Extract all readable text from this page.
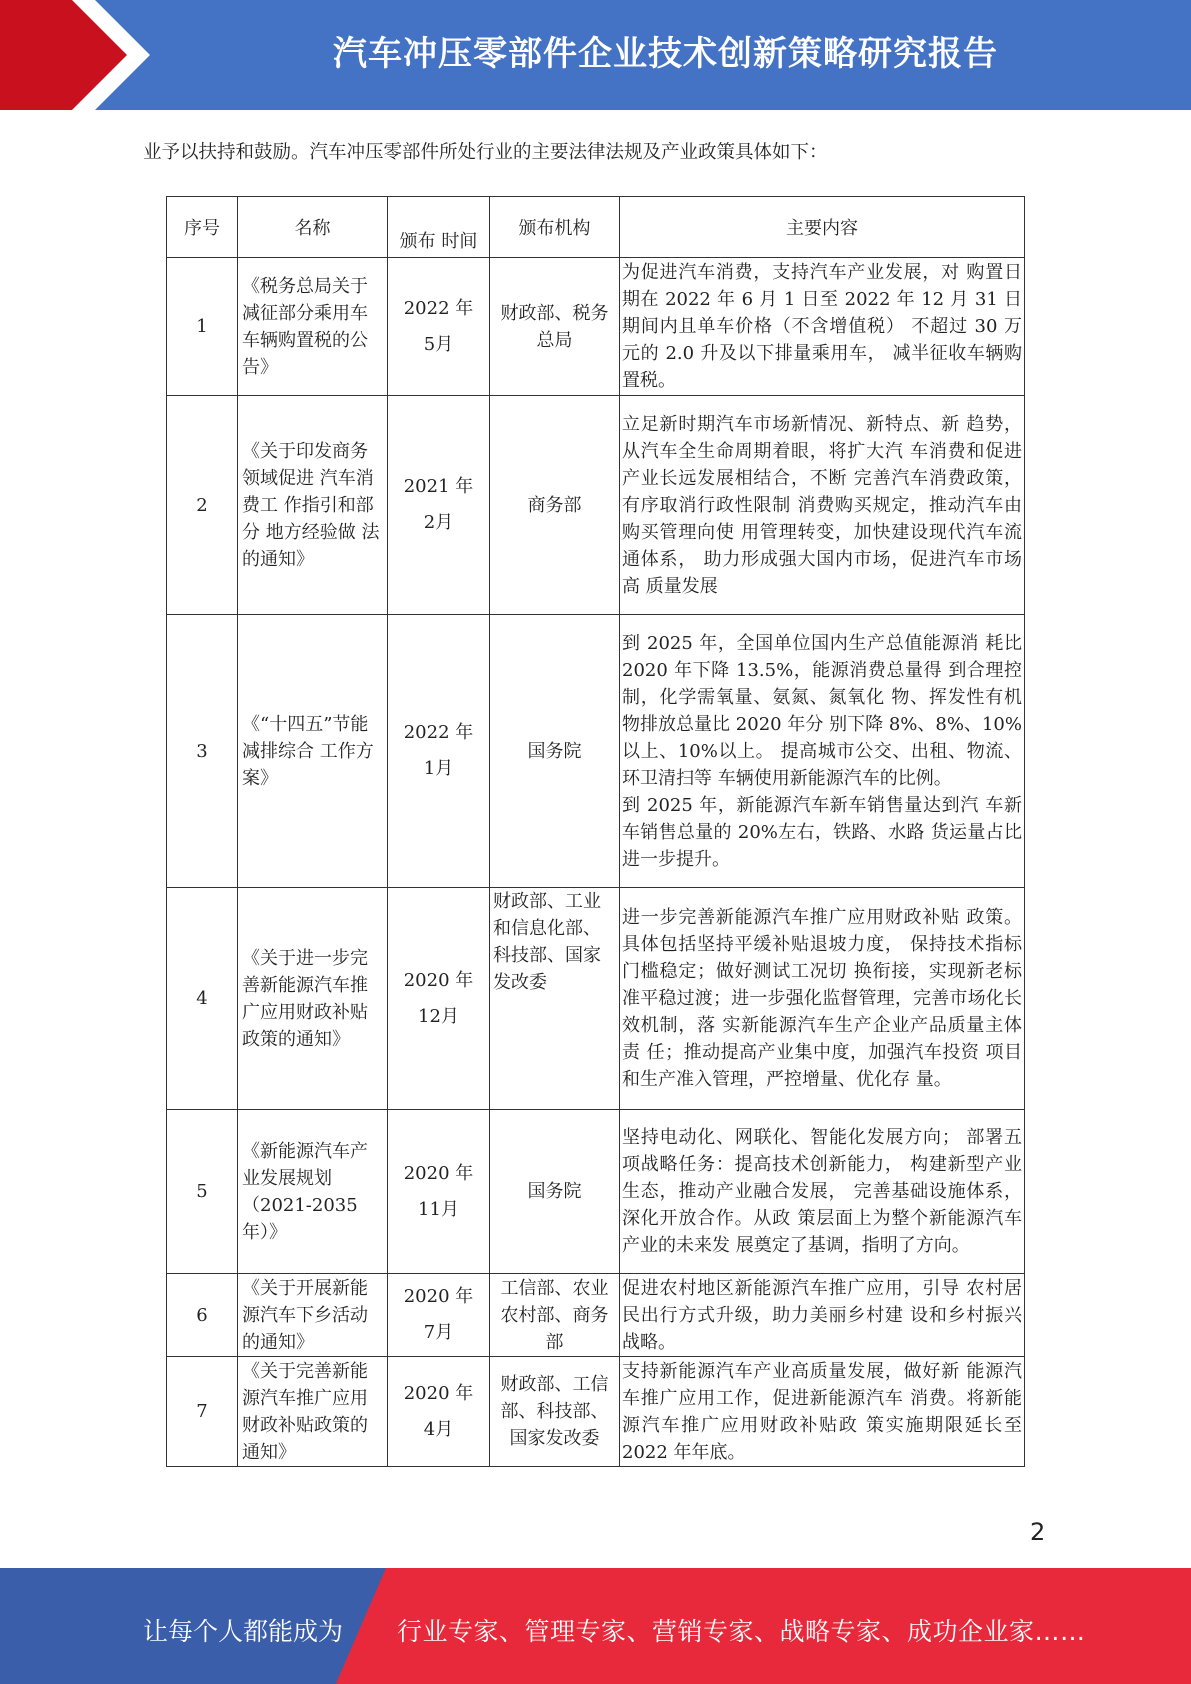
汽车冲压零部件企业技术创新策略研究报告
业予以扶持和鼓励。汽车冲压零部件所处行业的主要法律法规及产业政策具体如下：
序号	名称	颁布 时间	颁布机构	主要内容
1	《税务总局关于减征部分乘用车车辆购置税的公告》	2022 年 5月	财政部、税务总局	为促进汽车消费，支持汽车产业发展，对 购置日期在 2022 年 6 月 1 日至 2022 年 12 月 31 日期间内且单车价格（不含增值税） 不超过 30 万元的 2.0 升及以下排量乘用车， 减半征收车辆购置税。
2	《关于印发商务领域促进 汽车消费工 作指引和部分 地方经验做 法的通知》	2021 年 2月	商务部	立足新时期汽车市场新情况、新特点、新 趋势，从汽车全生命周期着眼，将扩大汽 车消费和促进产业长远发展相结合，不断 完善汽车消费政策，有序取消行政性限制 消费购买规定，推动汽车由购买管理向使 用管理转变，加快建设现代汽车流通体系， 助力形成强大国内市场，促进汽车市场高 质量发展
3	《“十四五”节能减排综合 工作方案》	2022 年 1月	国务院	到 2025 年，全国单位国内生产总值能源消 耗比 2020 年下降 13.5%，能源消费总量得 到合理控制，化学需氧量、氨氮、氮氧化 物、挥发性有机物排放总量比 2020 年分 别下降 8%、8%、10%以上、10%以上。 提高城市公交、出租、物流、环卫清扫等 车辆使用新能源汽车的比例。
到 2025 年，新能源汽车新车销售量达到汽 车新车销售总量的 20%左右，铁路、水路 货运量占比进一步提升。

4	《关于进一步完善新能源汽车推广应用财政补贴政策的通知》	2020 年 12月	财政部、工业和信息化部、科技部、国家发改委	进一步完善新能源汽车推广应用财政补贴 政策。具体包括坚持平缓补贴退坡力度， 保持技术指标门槛稳定；做好测试工况切 换衔接，实现新老标准平稳过渡；进一步强化监督管理，完善市场化长效机制，落 实新能源汽车生产企业产品质量主体责 任；推动提高产业集中度，加强汽车投资 项目和生产准入管理，严控增量、优化存 量。
5	《新能源汽车产业发展规划（2021-2035 年）》	2020 年 11月	国务院	坚持电动化、网联化、智能化发展方向； 部署五项战略任务：提高技术创新能力， 构建新型产业生态，推动产业融合发展， 完善基础设施体系，深化开放合作。从政 策层面上为整个新能源汽车产业的未来发 展奠定了基调，指明了方向。
6	《关于开展新能源汽车下乡活动的通知》	2020 年 7月	工信部、农业农村部、商务部	促进农村地区新能源汽车推广应用，引导 农村居民出行方式升级，助力美丽乡村建 设和乡村振兴战略。
7	《关于完善新能源汽车推广应用财政补贴政策的通知》	2020 年 4月	财政部、工信部、科技部、国家发改委	支持新能源汽车产业高质量发展，做好新 能源汽车推广应用工作，促进新能源汽车 消费。将新能源汽车推广应用财政补贴政 策实施期限延长至 2022 年年底。
2
让每个人都能成为 行业专家、管理专家、营销专家、战略专家、成功企业家……
